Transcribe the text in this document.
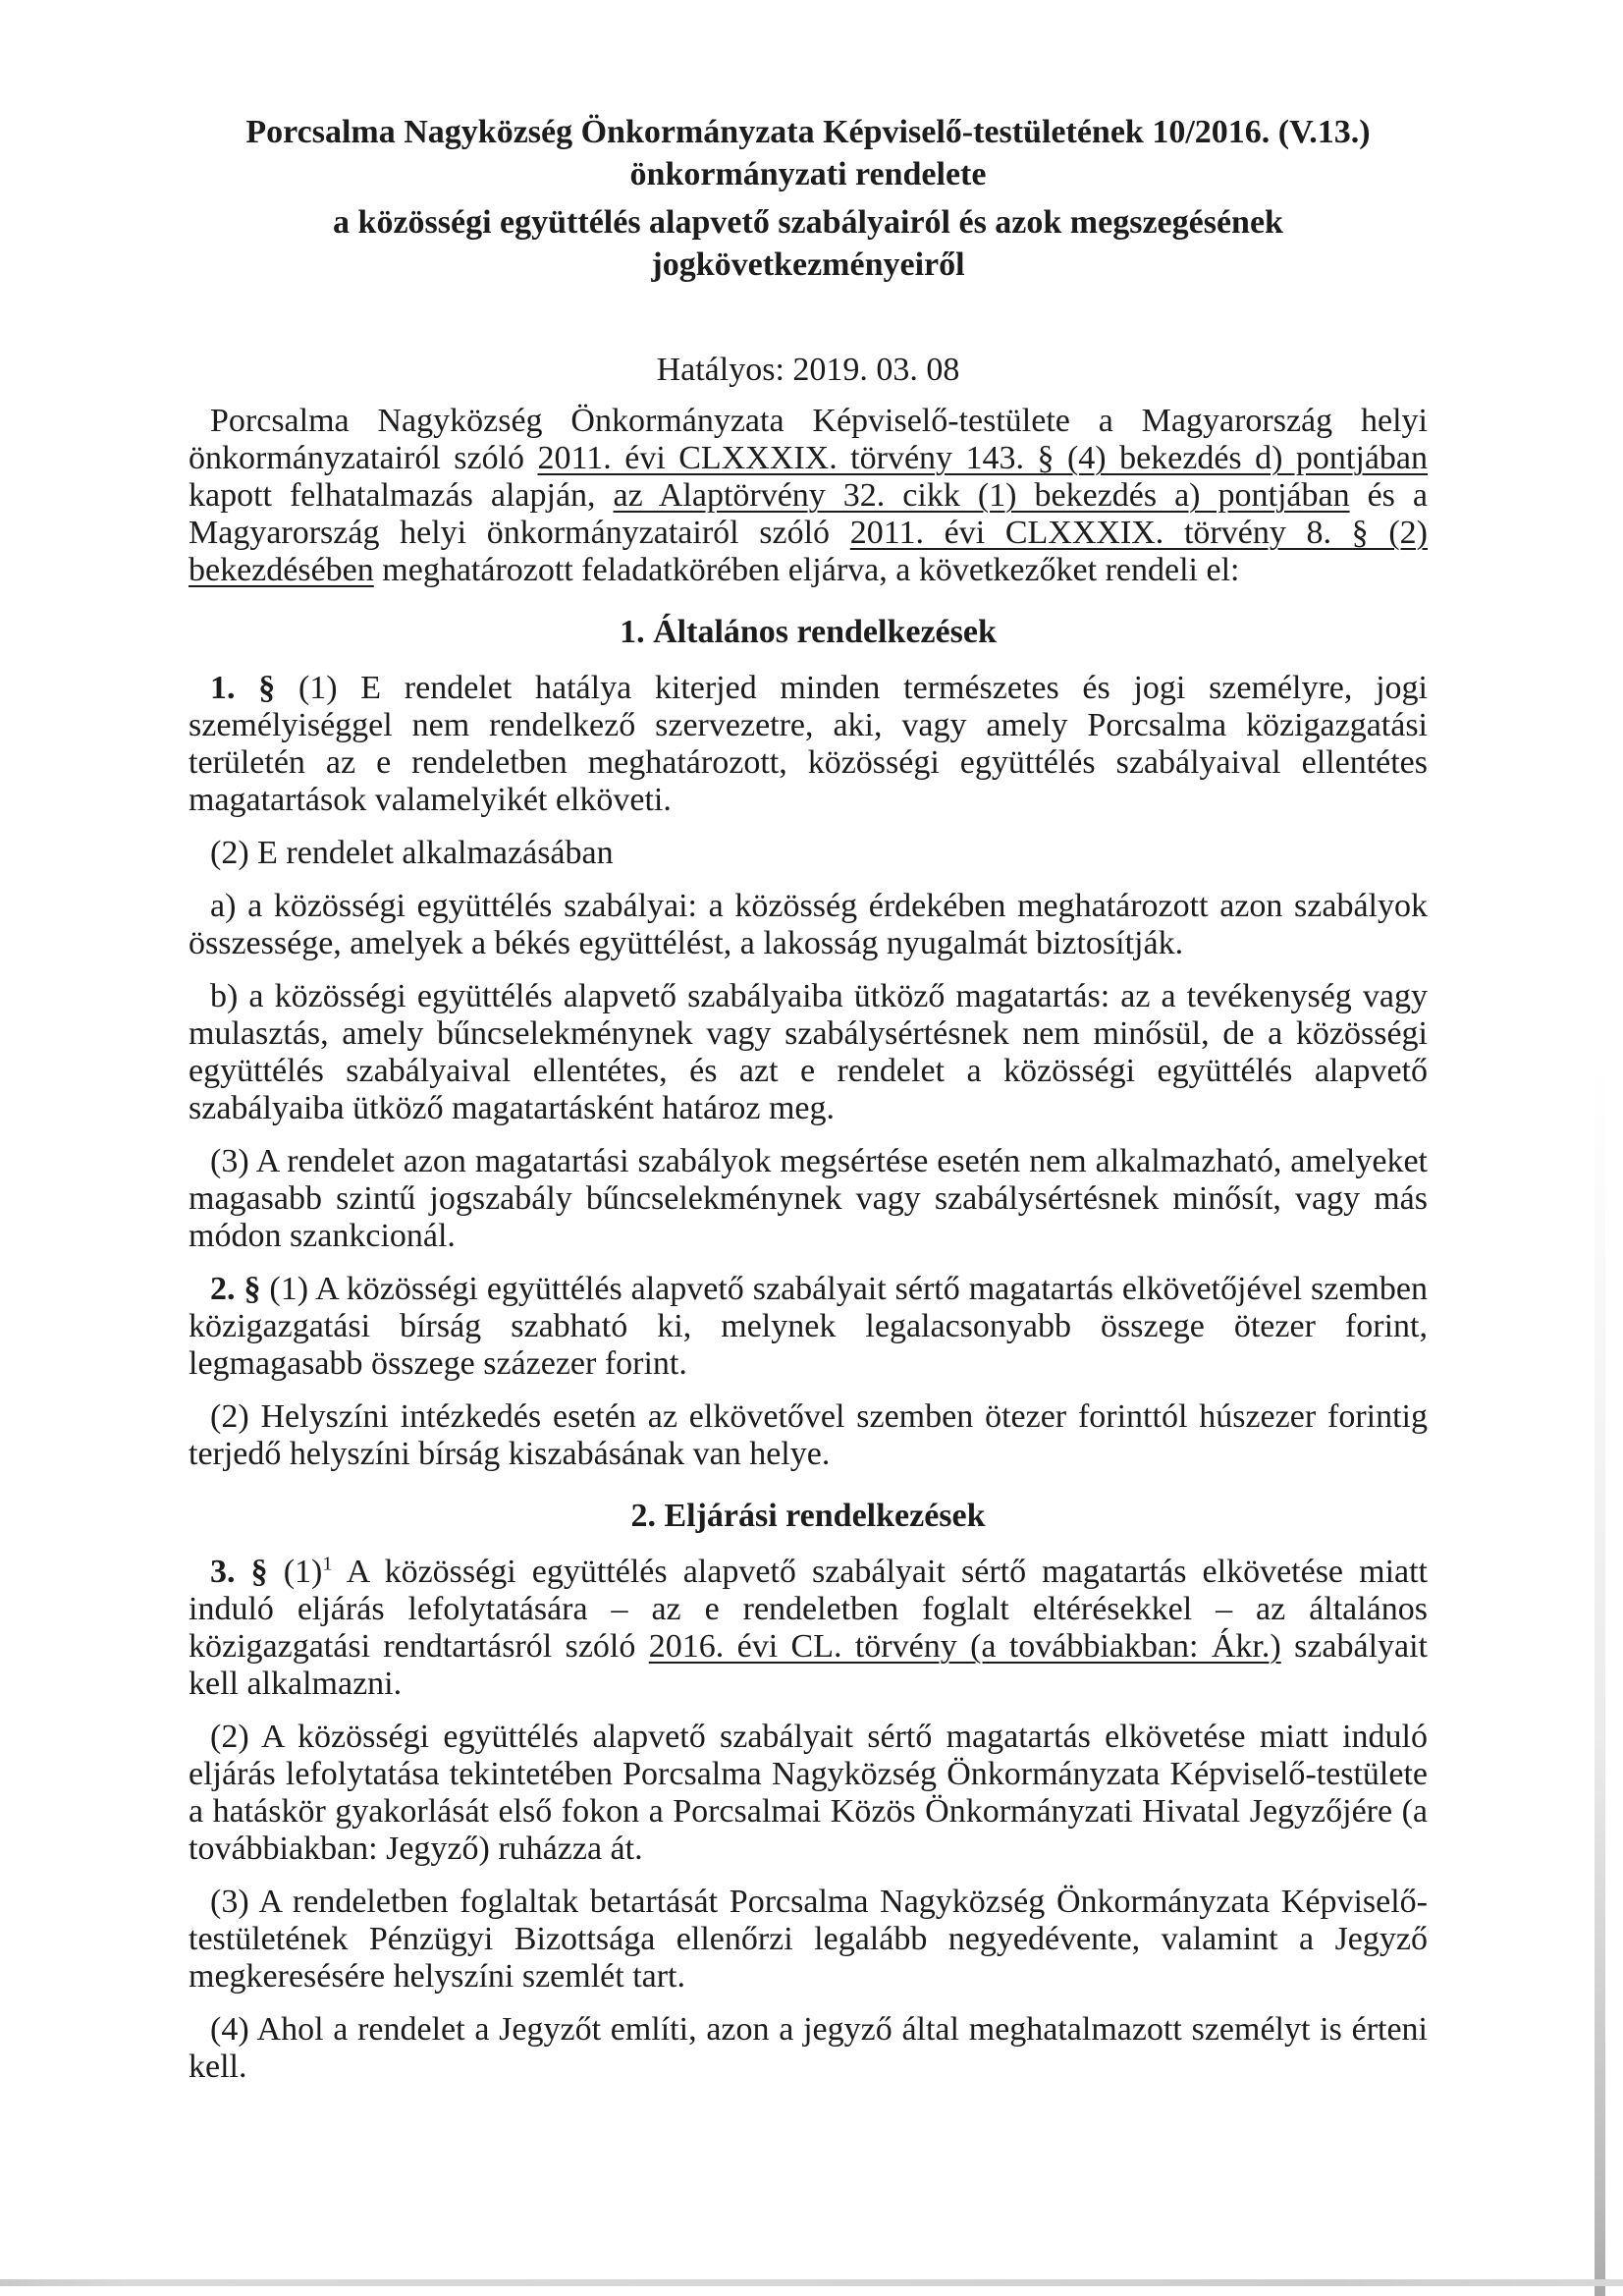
Porcsalma Nagyközség Önkormányzata Képviselő-testületének 10/2016. (V.13.)
önkormányzati rendelete
a közösségi együttélés alapvető szabályairól és azok megszegésének
jogkövetkezményeiről

Hatályos: 2019. 03. 08

Porcsalma Nagyközség Önkormányzata Képviselő-testülete a Magyarország helyi önkormányzatairól szóló 2011. évi CLXXXIX. törvény 143. § (4) bekezdés d) pontjában kapott felhatalmazás alapján, az Alaptörvény 32. cikk (1) bekezdés a) pontjában és a Magyarország helyi önkormányzatairól szóló 2011. évi CLXXXIX. törvény 8. § (2) bekezdésében meghatározott feladatkörében eljárva, a következőket rendeli el:

1. Általános rendelkezések

1. § (1) E rendelet hatálya kiterjed minden természetes és jogi személyre, jogi személyiséggel nem rendelkező szervezetre, aki, vagy amely Porcsalma közigazgatási területén az e rendeletben meghatározott, közösségi együttélés szabályaival ellentétes magatartások valamelyikét elköveti.

(2) E rendelet alkalmazásában

a) a közösségi együttélés szabályai: a közösség érdekében meghatározott azon szabályok összessége, amelyek a békés együttélést, a lakosság nyugalmát biztosítják.

b) a közösségi együttélés alapvető szabályaiba ütköző magatartás: az a tevékenység vagy mulasztás, amely bűncselekménynek vagy szabálysértésnek nem minősül, de a közösségi együttélés szabályaival ellentétes, és azt e rendelet a közösségi együttélés alapvető szabályaiba ütköző magatartásként határoz meg.

(3) A rendelet azon magatartási szabályok megsértése esetén nem alkalmazható, amelyeket magasabb szintű jogszabály bűncselekménynek vagy szabálysértésnek minősít, vagy más módon szankcionál.

2. § (1) A közösségi együttélés alapvető szabályait sértő magatartás elkövetőjével szemben közigazgatási bírság szabható ki, melynek legalacsonyabb összege ötezer forint, legmagasabb összege százezer forint.

(2) Helyszíni intézkedés esetén az elkövetővel szemben ötezer forinttól húszezer forintig terjedő helyszíni bírság kiszabásának van helye.

2. Eljárási rendelkezések

3. § $(1)^1$ A közösségi együttélés alapvető szabályait sértő magatartás elkövetése miatt induló eljárás lefolytatására – az e rendeletben foglalt eltérésekkel – az általános közigazgatási rendtartásról szóló 2016. évi CL. törvény (a továbbiakban: Ákr.) szabályait kell alkalmazni.

(2) A közösségi együttélés alapvető szabályait sértő magatartás elkövetése miatt induló eljárás lefolytatása tekintetében Porcsalma Nagyközség Önkormányzata Képviselő-testülete a hatáskör gyakorlását első fokon a Porcsalmai Közös Önkormányzati Hivatal Jegyzőjére (a továbbiakban: Jegyző) ruházza át.

(3) A rendeletben foglaltak betartását Porcsalma Nagyközség Önkormányzata Képviselő-testületének Pénzügyi Bizottsága ellenőrzi legalább negyedévente, valamint a Jegyző megkeresésére helyszíni szemlét tart.

(4) Ahol a rendelet a Jegyzőt említi, azon a jegyző által meghatalmazott személyt is érteni kell.
